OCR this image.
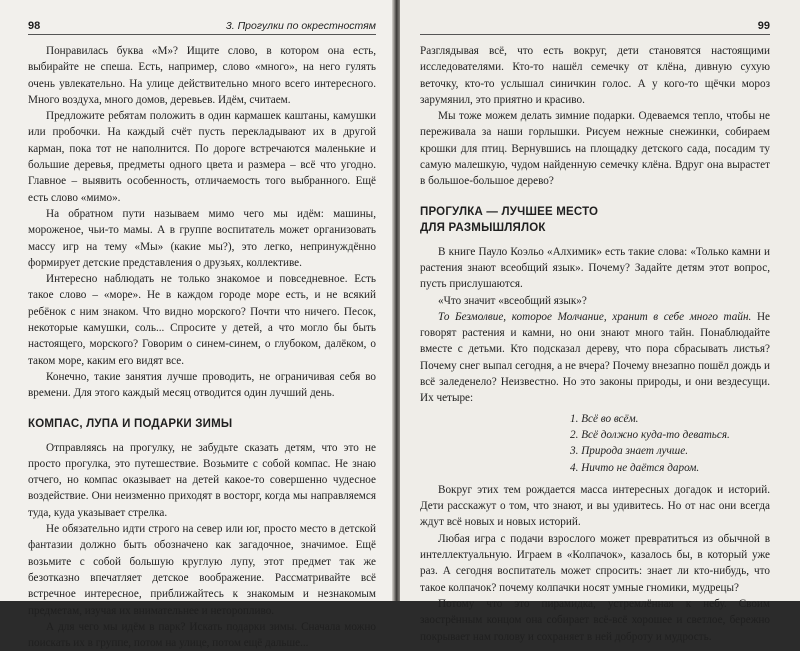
98	3. Прогулки по окрестностям

Понравилась буква «М»? Ищите слово, в котором она есть, выбирайте не спеша. Есть, например, слово «много», на него гулять очень увлекательно. На улице действительно много всего интересного. Много воздуха, много домов, деревьев. Идём, считаем.

Предложите ребятам положить в один кармашек каштаны, камушки или пробочки. На каждый счёт пусть перекладывают их в другой карман, пока тот не наполнится. По дороге встречаются маленькие и большие деревья, предметы одного цвета и размера – всё что угодно. Главное – выявить особенность, отличаемость того выбранного. Ещё есть слово «мимо».

На обратном пути называем мимо чего мы идём: машины, мороженое, чьи-то мамы. А в группе воспитатель может организовать массу игр на тему «Мы» (какие мы?), это легко, непринуждённо формирует детские представления о друзьях, коллективе.

Интересно наблюдать не только знакомое и повседневное. Есть такое слово – «море». Не в каждом городе море есть, и не всякий ребёнок с ним знаком. Что видно морского? Почти что ничего. Песок, некоторые камушки, соль... Спросите у детей, а что могло бы быть настоящего, морского? Говорим о синем-синем, о глубоком, далёком, о таком море, каким его видят все.

Конечно, такие занятия лучше проводить, не ограничивая себя во времени. Для этого каждый месяц отводится один лучший день.

КОМПАС, ЛУПА И ПОДАРКИ ЗИМЫ

Отправляясь на прогулку, не забудьте сказать детям, что это не просто прогулка, это путешествие. Возьмите с собой компас. Не знаю отчего, но компас оказывает на детей какое-то совершенно чудесное воздействие. Они неизменно приходят в восторг, когда мы направляемся туда, куда указывает стрелка.

Не обязательно идти строго на север или юг, просто место в детской фантазии должно быть обозначено как загадочное, значимое. Ещё возьмите с собой большую круглую лупу, этот предмет так же безотказно впечатляет детское воображение. Рассматривайте всё встречное интересное, приближайтесь к знакомым и незнакомым предметам, изучая их внимательнее и неторопливо.

А для чего мы идём в парк? Искать подарки зимы. Сначала можно поискать их в группе, потом на улице, потом ещё дальше...

99

Разглядывая всё, что есть вокруг, дети становятся настоящими исследователями. Кто-то нашёл семечку от клёна, дивную сухую веточку, кто-то услышал синичкин голос. А у кого-то щёчки мороз зарумянил, это приятно и красиво.

Мы тоже можем делать зимние подарки. Одеваемся тепло, чтобы не переживала за наши горлышки. Рисуем нежные снежинки, собираем крошки для птиц. Вернувшись на площадку детского сада, посадим ту самую малешкую, чудом найденную семечку клёна. Вдруг она вырастет в большое-большое дерево?

ПРОГУЛКА — ЛУЧШЕЕ МЕСТО
ДЛЯ РАЗМЫШЛЯЛОК

В книге Пауло Коэльо «Алхимик» есть такие слова: «Только камни и растения знают всеобщий язык». Почему? Задайте детям этот вопрос, пусть прислушаются.

«Что значит «всеобщий язык»?

То Безмолвие, которое Молчание, хранит в себе много тайн. Не говорят растения и камни, но они знают много тайн. Понаблюдайте вместе с детьми. Кто подсказал дереву, что пора сбрасывать листья? Почему снег выпал сегодня, а не вчера? Почему внезапно пошёл дождь и всё заледенело? Неизвестно. Но это законы природы, и они вездесущи. Их четыре:

1. Всё во всём.
2. Всё должно куда-то деваться.
3. Природа знает лучше.
4. Ничто не даётся даром.

Вокруг этих тем рождается масса интересных догадок и историй. Дети расскажут о том, что знают, и вы удивитесь. Но от нас они всегда ждут всё новых и новых историй.

Любая игра с подачи взрослого может превратиться из обычной в интеллектуальную. Играем в «Колпачок», казалось бы, в который уже раз. А сегодня воспитатель может спросить: знает ли кто-нибудь, что такое колпачок? почему колпачки носят умные гномики, мудрецы?

Потому что это пирамидка, устремлённая к небу. Своим заострённым концом она собирает всё-всё хорошее и светлое, бережно покрывает нам голову и сохраняет в ней доброту и мудрость.
